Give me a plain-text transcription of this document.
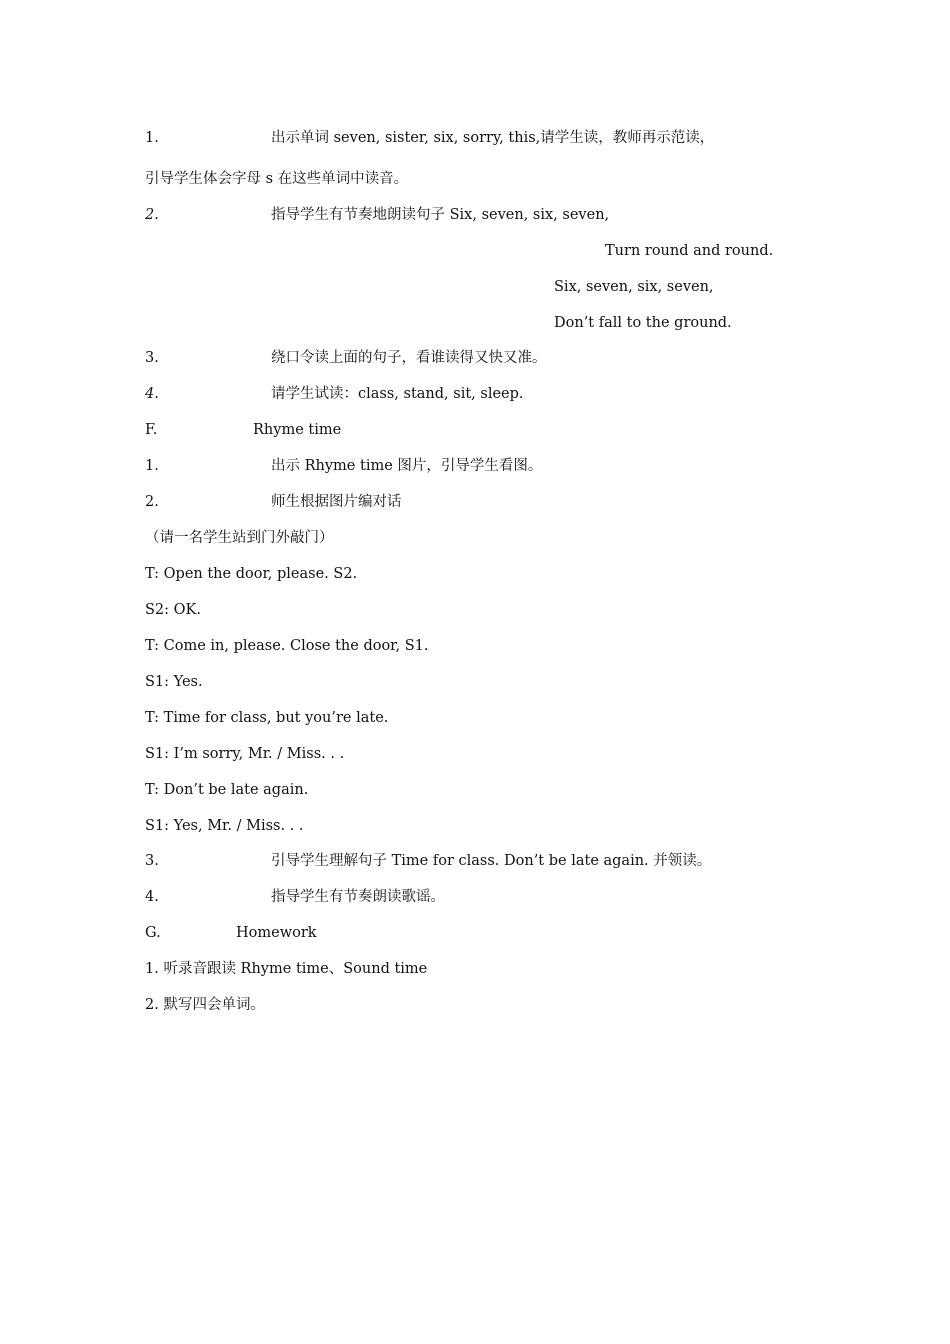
1.	出示单词 seven, sister, six, sorry, this,请学生读，教师再示范读，
引导学生体会字母 s 在这些单词中读音。
2.	指导学生有节奏地朗读句子 Six, seven, six, seven,
Turn round and round.
Six, seven, six, seven,
Don’t fall to the ground.
3.	绕口令读上面的句子，看谁读得又快又准。
4.	请学生试读：class, stand, sit, sleep.
F.	Rhyme time
1.	出示 Rhyme time 图片，引导学生看图。
2.	师生根据图片编对话
（请一名学生站到门外敲门）
T: Open the door, please. S2.
S2: OK.
T: Come in, please. Close the door, S1.
S1: Yes.
T: Time for class, but you’re late.
S1: I’m sorry, Mr. / Miss. . .
T: Don’t be late again.
S1: Yes, Mr. / Miss. . .
3.	引导学生理解句子 Time for class. Don’t be late again. 并领读。
4.	指导学生有节奏朗读歌谣。
G.	Homework
1. 听录音跟读 Rhyme time、Sound time
2. 默写四会单词。
